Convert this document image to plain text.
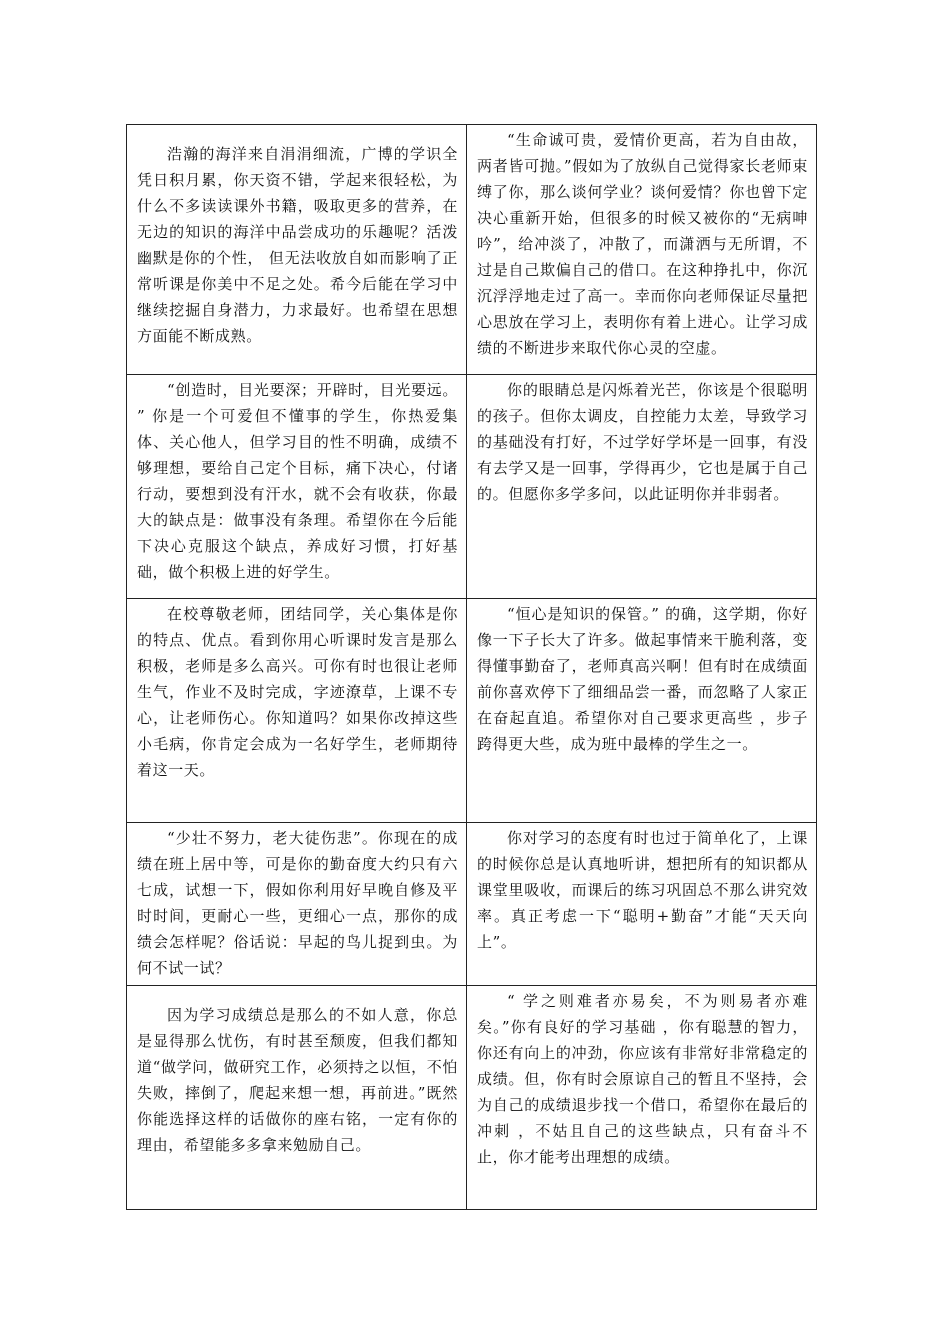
浩瀚的海洋来自涓涓细流，广博的学识全凭日积月累，你天资不错，学起来很轻松，为什么不多读读课外书籍，吸取更多的营养，在无边的知识的海洋中品尝成功的乐趣呢？活泼幽默是你的个性， 但无法收放自如而影响了正常听课是你美中不足之处。希今后能在学习中继续挖掘自身潜力，力求最好。也希望在思想方面能不断成熟。	“生命诚可贵，爱情价更高，若为自由故，两者皆可抛。”假如为了放纵自己觉得家长老师束缚了你，那么谈何学业？谈何爱情？你也曾下定决心重新开始，但很多的时候又被你的“无病呻吟”，给冲淡了，冲散了，而潇洒与无所谓，不过是自己欺偏自己的借口。在这种挣扎中，你沉沉浮浮地走过了高一。幸而你向老师保证尽量把心思放在学习上，表明你有着上进心。让学习成绩的不断进步来取代你心灵的空虚。

“创造时，目光要深；开辟时，目光要远。 ” 你是一个可爱但不懂事的学生，你热爱集体、关心他人，但学习目的性不明确，成绩不够理想，要给自己定个目标，痛下决心，付诸行动，要想到没有汗水，就不会有收获，你最大的缺点是：做事没有条理。希望你在今后能下决心克服这个缺点，养成好习惯，打好基础，做个积极上进的好学生。	你的眼睛总是闪烁着光芒，你该是个很聪明的孩子。但你太调皮，自控能力太差，导致学习的基础没有打好，不过学好学坏是一回事，有没有去学又是一回事，学得再少，它也是属于自己的。但愿你多学多问，以此证明你并非弱者。

在校尊敬老师，团结同学，关心集体是你的特点、优点。看到你用心听课时发言是那么积极，老师是多么高兴。可你有时也很让老师生气，作业不及时完成，字迹潦草，上课不专心，让老师伤心。你知道吗？如果你改掉这些小毛病，你肯定会成为一名好学生，老师期待着这一天。	“恒心是知识的保管。” 的确，这学期，你好像一下子长大了许多。做起事情来干脆利落，变得懂事勤奋了，老师真高兴啊！但有时在成绩面前你喜欢停下了细细品尝一番，而忽略了人家正在奋起直追。希望你对自己要求更高些 ，步子跨得更大些，成为班中最棒的学生之一。

“少壮不努力，老大徒伤悲”。你现在的成绩在班上居中等，可是你的勤奋度大约只有六七成，试想一下，假如你利用好早晚自修及平时时间，更耐心一些，更细心一点，那你的成绩会怎样呢？俗话说：早起的鸟儿捉到虫。为何不试一试？	你对学习的态度有时也过于简单化了，上课的时候你总是认真地听讲，想把所有的知识都从课堂里吸收，而课后的练习巩固总不那么讲究效率。真正考虑一下“聪明+勤奋”才能“天天向上”。

因为学习成绩总是那么的不如人意，你总是显得那么忧伤，有时甚至颓废，但我们都知道“做学问，做研究工作，必须持之以恒，不怕失败，摔倒了，爬起来想一想，再前进。”既然你能选择这样的话做你的座右铭，一定有你的理由，希望能多多拿来勉励自己。	“ 学之则难者亦易矣，不为则易者亦难矣。”你有良好的学习基础 ，你有聪慧的智力，你还有向上的冲劲，你应该有非常好非常稳定的成绩。但，你有时会原谅自己的暂且不坚持，会为自己的成绩退步找一个借口，希望你在最后的冲刺 ，不姑且自己的这些缺点，只有奋斗不止，你才能考出理想的成绩。
